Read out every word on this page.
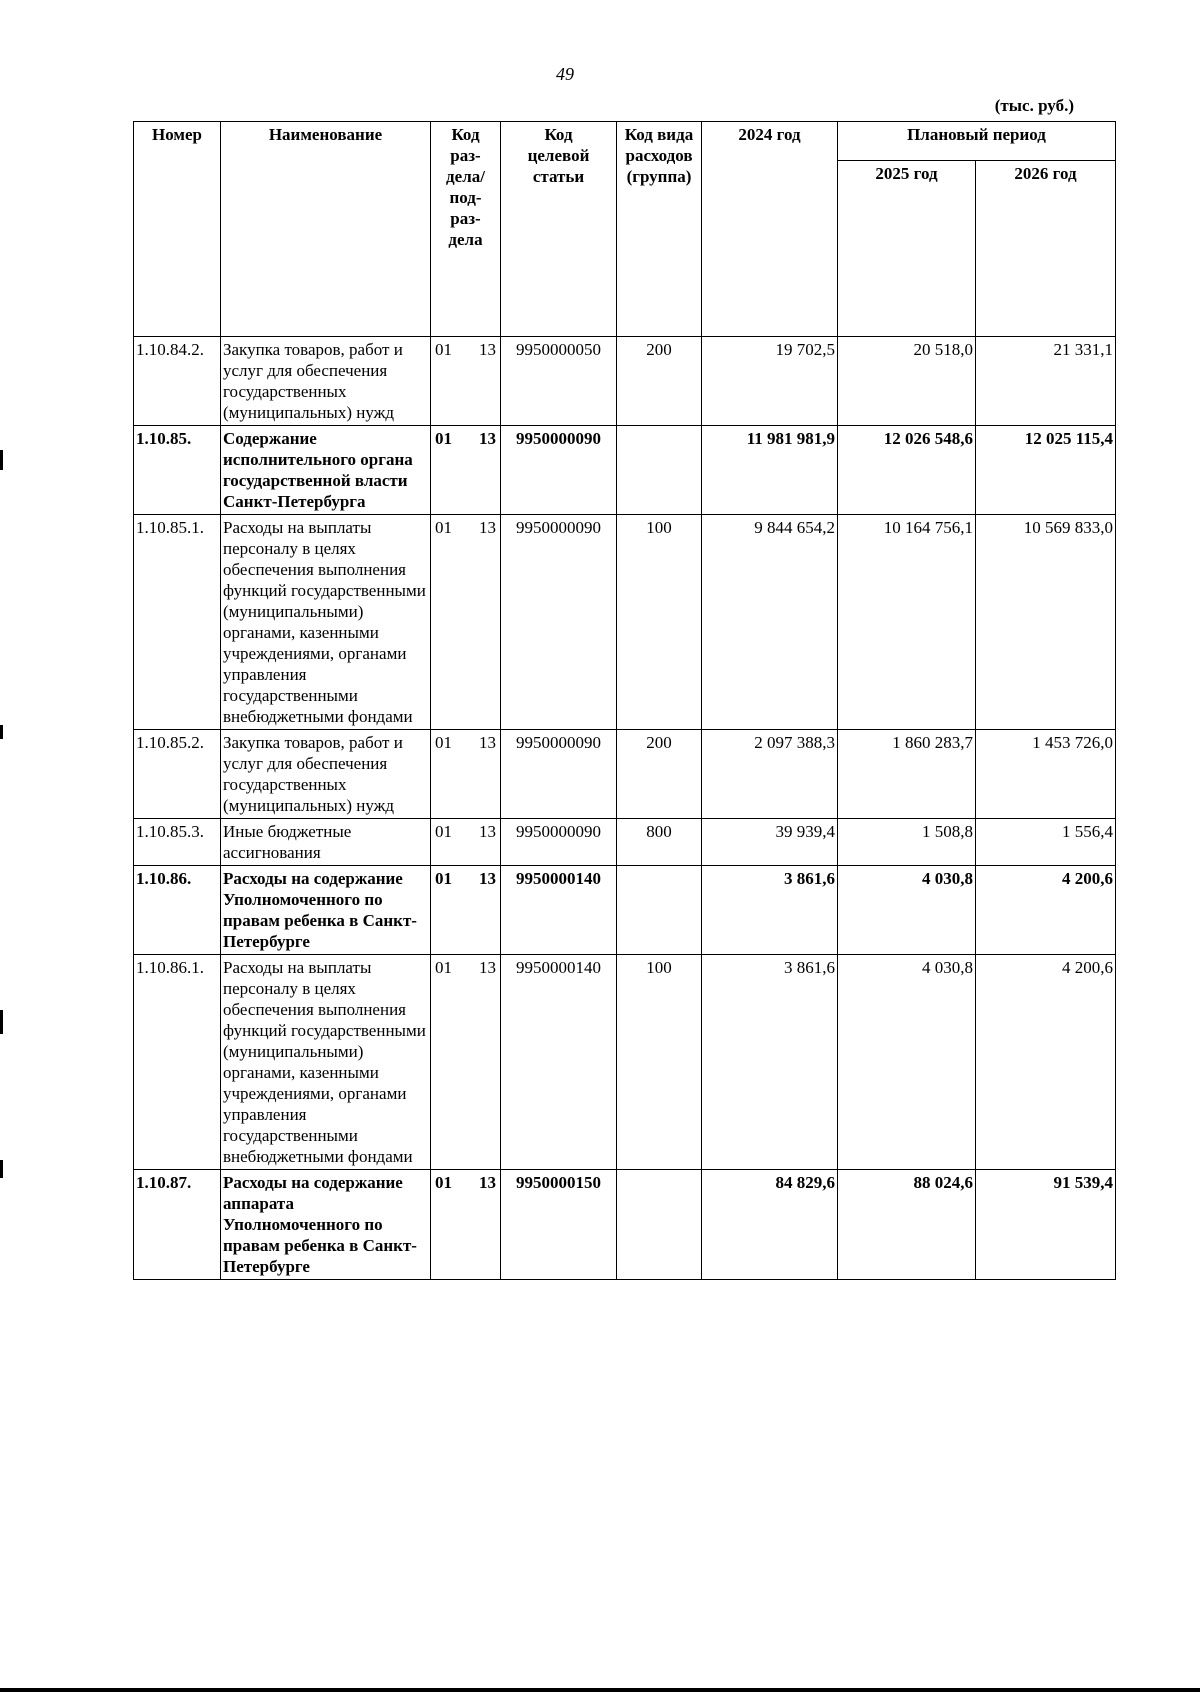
49
(тыс. руб.)
Номер	Наименование	Код раз- дела/ под- раз- дела	Код целевой статьи	Код вида расходов (группа)	2024 год	Плановый период	
						2025 год	2026 год
1.10.84.2.	Закупка товаров, работ и услуг для обеспечения государственных (муниципальных) нужд	01 13	9950000050	200	19 702,5	20 518,0	21 331,1
1.10.85.	Содержание исполнительного органа государственной власти Санкт-Петербурга	01 13	9950000090		11 981 981,9	12 026 548,6	12 025 115,4
1.10.85.1.	Расходы на выплаты персоналу в целях обеспечения выполнения функций государственными (муниципальными) органами, казенными учреждениями, органами управления государственными внебюджетными фондами	01 13	9950000090	100	9 844 654,2	10 164 756,1	10 569 833,0
1.10.85.2.	Закупка товаров, работ и услуг для обеспечения государственных (муниципальных) нужд	01 13	9950000090	200	2 097 388,3	1 860 283,7	1 453 726,0
1.10.85.3.	Иные бюджетные ассигнования	01 13	9950000090	800	39 939,4	1 508,8	1 556,4
1.10.86.	Расходы на содержание Уполномоченного по правам ребенка в Санкт-Петербурге	01 13	9950000140		3 861,6	4 030,8	4 200,6
1.10.86.1.	Расходы на выплаты персоналу в целях обеспечения выполнения функций государственными (муниципальными) органами, казенными учреждениями, органами управления государственными внебюджетными фондами	01 13	9950000140	100	3 861,6	4 030,8	4 200,6
1.10.87.	Расходы на содержание аппарата Уполномоченного по правам ребенка в Санкт-Петербурге	01 13	9950000150		84 829,6	88 024,6	91 539,4
